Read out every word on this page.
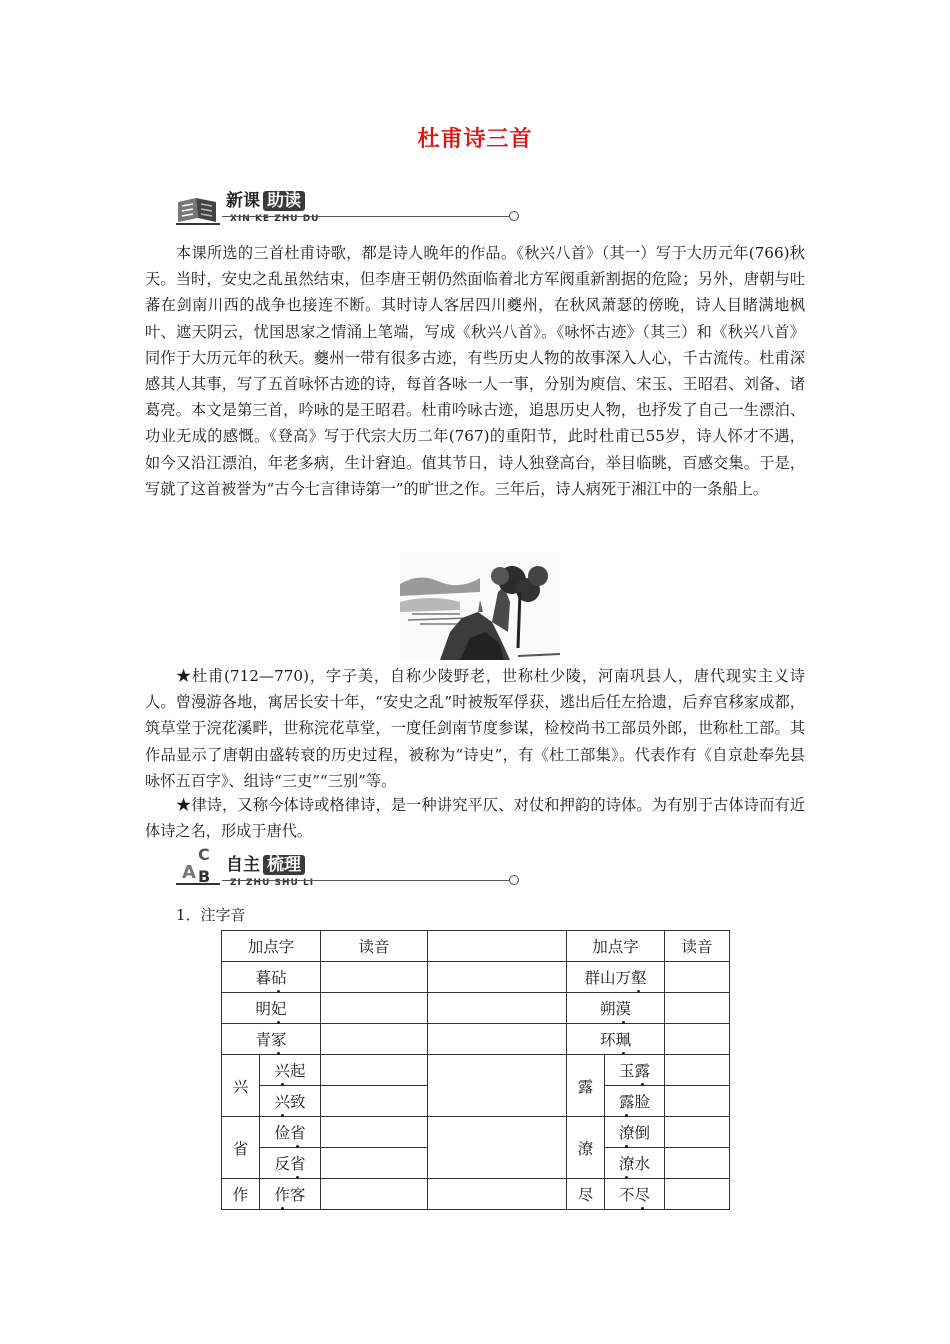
杜甫诗三首
新课 助读
XIN KE ZHU DU

本课所选的三首杜甫诗歌，都是诗人晚年的作品。《秋兴八首》（其一）写于大历元年(766)秋天。当时，安史之乱虽然结束，但李唐王朝仍然面临着北方军阀重新割据的危险；另外，唐朝与吐蕃在剑南川西的战争也接连不断。其时诗人客居四川夔州，在秋风萧瑟的傍晚，诗人目睹满地枫叶、遮天阴云，忧国思家之情涌上笔端，写成《秋兴八首》。《咏怀古迹》（其三）和《秋兴八首》同作于大历元年的秋天。夔州一带有很多古迹，有些历史人物的故事深入人心，千古流传。杜甫深感其人其事，写了五首咏怀古迹的诗，每首各咏一人一事，分别为庾信、宋玉、王昭君、刘备、诸葛亮。本文是第三首，吟咏的是王昭君。杜甫吟咏古迹，追思历史人物，也抒发了自己一生漂泊、功业无成的感慨。《登高》写于代宗大历二年(767)的重阳节，此时杜甫已55岁，诗人怀才不遇，如今又沿江漂泊，年老多病，生计窘迫。值其节日，诗人独登高台，举目临眺，百感交集。于是，写就了这首被誉为“古今七言律诗第一”的旷世之作。三年后，诗人病死于湘江中的一条船上。

★杜甫(712—770)，字子美，自称少陵野老，世称杜少陵，河南巩县人，唐代现实主义诗人。曾漫游各地，寓居长安十年，“安史之乱”时被叛军俘获，逃出后任左拾遗，后弃官移家成都，筑草堂于浣花溪畔，世称浣花草堂，一度任剑南节度参谋，检校尚书工部员外郎，世称杜工部。其作品显示了唐朝由盛转衰的历史过程，被称为“诗史”，有《杜工部集》。代表作有《自京赴奉先县咏怀五百字》、组诗“三吏”“三别”等。

★律诗，又称今体诗或格律诗，是一种讲究平仄、对仗和押韵的诗体。为有别于古体诗而有近体诗之名，形成于唐代。

C
A B
自主 梳理
ZI ZHU SHU LI
1．注字音
加点字		读音		加点字		读音
暮砧				群山万壑		
明妃				朔漠		
青冢				环珮		
兴	兴起			露	玉露	
	兴致				露脸	
省	俭省			潦	潦倒	
	反省				潦水	
作	作客			尽	不尽	
